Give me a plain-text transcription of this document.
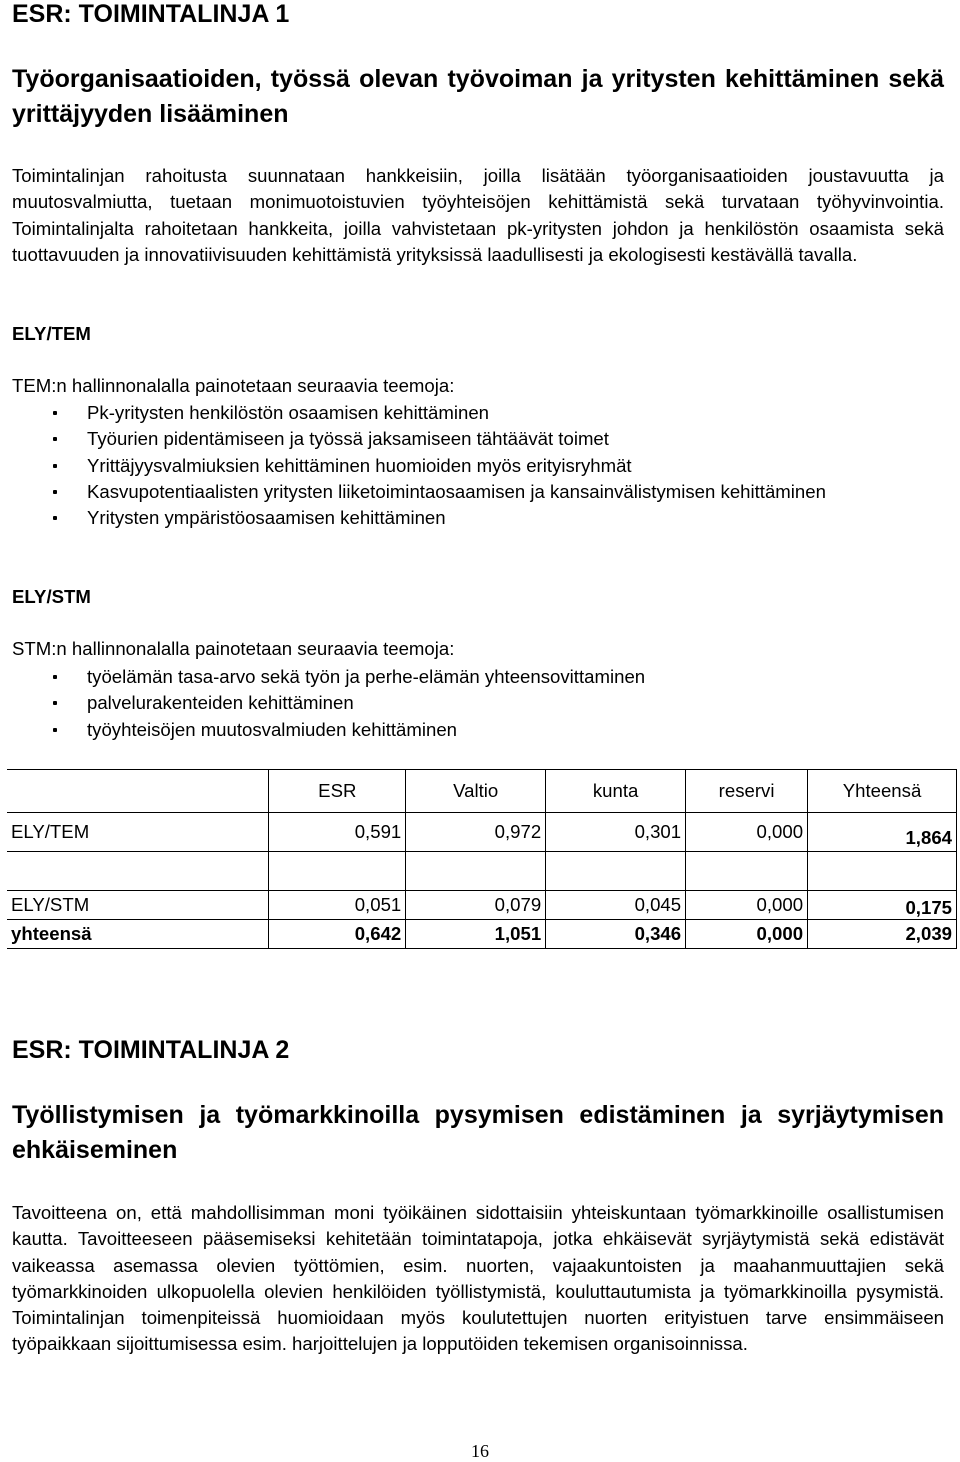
ESR: TOIMINTALINJA 1
Työorganisaatioiden, työssä olevan työvoiman ja yritysten kehittäminen sekä yrittäjyyden lisääminen
Toimintalinjan rahoitusta suunnataan hankkeisiin, joilla lisätään työorganisaatioiden joustavuutta ja muutosvalmiutta, tuetaan monimuotoistuvien työyhteisöjen kehittämistä sekä turvataan työhyvinvointia. Toimintalinjalta rahoitetaan hankkeita, joilla vahvistetaan pk-yritysten johdon ja henkilöstön osaamista sekä tuottavuuden ja innovatiivisuuden kehittämistä yrityksissä laadullisesti ja ekologisesti kestävällä tavalla.
ELY/TEM
TEM:n hallinnonalalla painotetaan seuraavia teemoja:
Pk-yritysten henkilöstön osaamisen kehittäminen
Työurien pidentämiseen ja työssä jaksamiseen tähtäävät toimet
Yrittäjyysvalmiuksien kehittäminen huomioiden myös erityisryhmät
Kasvupotentiaalisten yritysten liiketoimintaosaamisen ja kansainvälistymisen kehittäminen
Yritysten ympäristöosaamisen kehittäminen
ELY/STM
STM:n hallinnonalalla painotetaan seuraavia teemoja:
työelämän tasa-arvo sekä työn ja perhe-elämän yhteensovittaminen
palvelurakenteiden kehittäminen
työyhteisöjen muutosvalmiuden kehittäminen
	ESR	Valtio	kunta	reservi	Yhteensä
ELY/TEM	0,591	0,972	0,301	0,000	1,864

ELY/STM	0,051	0,079	0,045	0,000	0,175
yhteensä	0,642	1,051	0,346	0,000	2,039
ESR: TOIMINTALINJA 2
Työllistymisen ja työmarkkinoilla pysymisen edistäminen ja syrjäytymisen ehkäiseminen
Tavoitteena on, että mahdollisimman moni työikäinen sidottaisiin yhteiskuntaan työmarkkinoille osallistumisen kautta. Tavoitteeseen pääsemiseksi kehitetään toimintatapoja, jotka ehkäisevät syrjäytymistä sekä edistävät vaikeassa asemassa olevien työttömien, esim. nuorten, vajaakuntoisten ja maahanmuuttajien sekä työmarkkinoiden ulkopuolella olevien henkilöiden työllistymistä, kouluttautumista ja työmarkkinoilla pysymistä. Toimintalinjan toimenpiteissä huomioidaan myös koulutettujen nuorten erityistuen tarve ensimmäiseen työpaikkaan sijoittumisessa esim. harjoittelujen ja lopputöiden tekemisen organisoinnissa.
16
